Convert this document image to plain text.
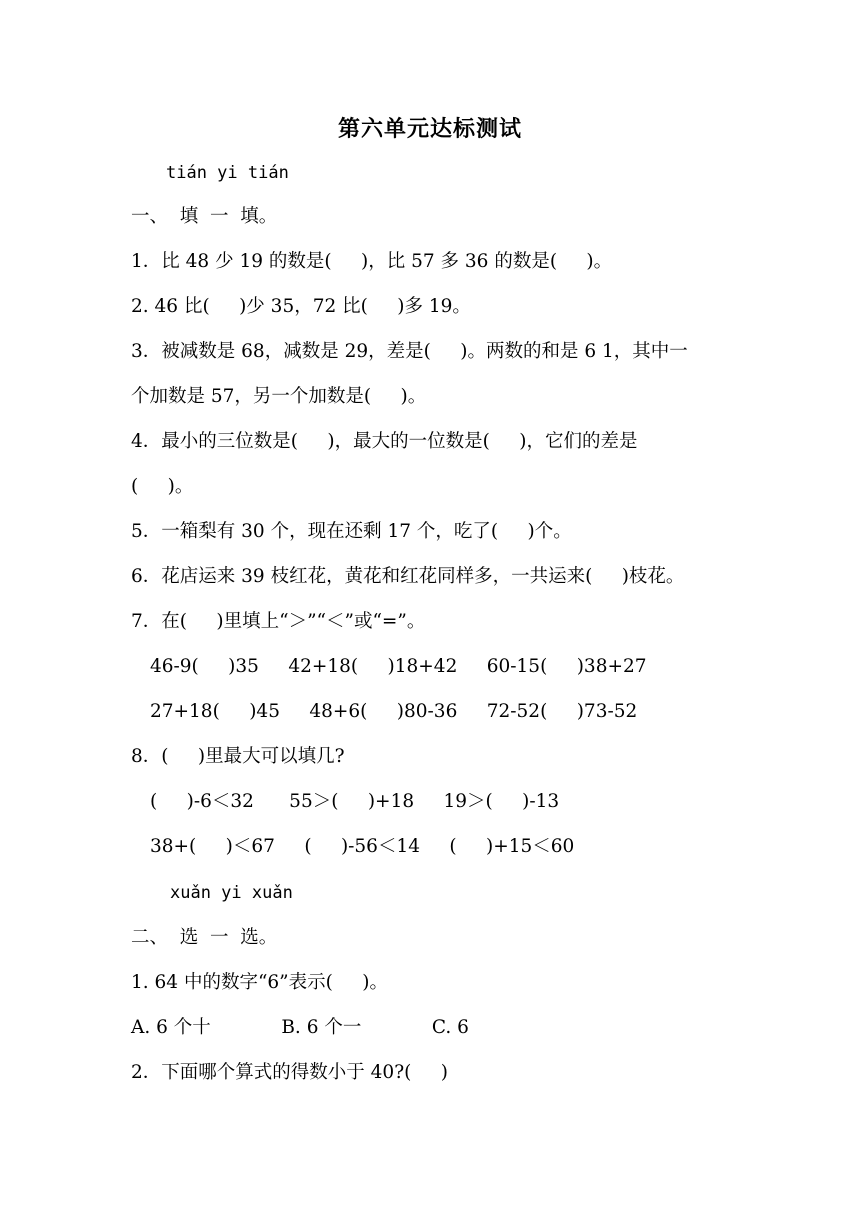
第六单元达标测试
tián yi tián
一、  填  一  填。
1．比 48 少 19 的数是(     )，比 57 多 36 的数是(     )。
2. 46 比(     )少 35，72 比(     )多 19。
3．被减数是 68，减数是 29，差是(     )。两数的和是 6 1，其中一
个加数是 57，另一个加数是(     )。
4．最小的三位数是(     )，最大的一位数是(     )，它们的差是
(     )。
5．一箱梨有 30 个，现在还剩 17 个，吃了(     )个。
6．花店运来 39 枝红花，黄花和红花同样多，一共运来(     )枝花。
7．在(     )里填上“＞”“＜”或“=”。
46-9(     )35     42+18(     )18+42     60-15(     )38+27
27+18(     )45     48+6(     )80-36     72-52(     )73-52
8．(     )里最大可以填几?
(     )-6＜32      55＞(     )+18     19＞(     )-13
38+(     )＜67     (     )-56＜14     (     )+15＜60
xuǎn yi xuǎn
二、  选  一  选。
1. 64 中的数字“6”表示(     )。
A. 6 个十            B. 6 个一            C. 6
2．下面哪个算式的得数小于 40?(     )
